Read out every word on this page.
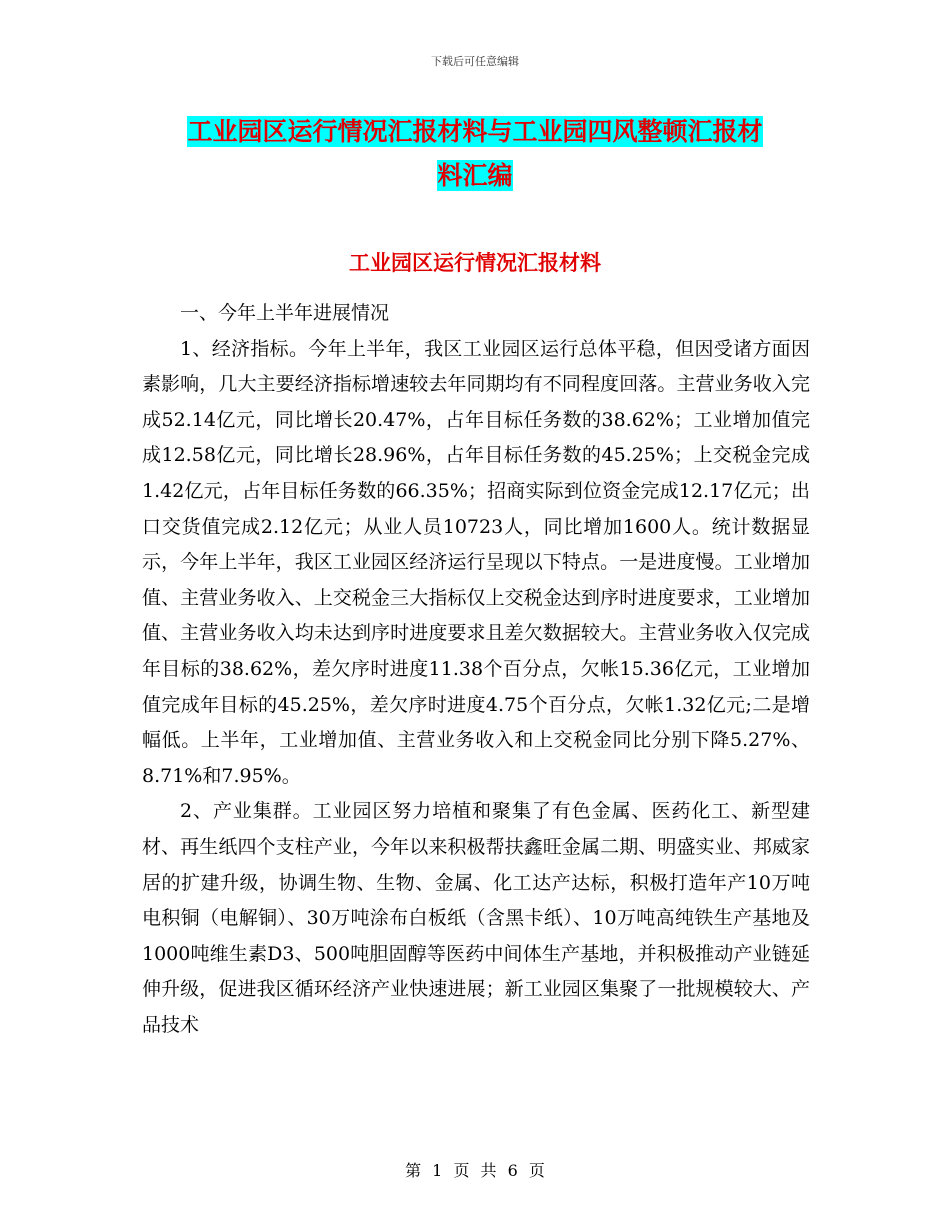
下载后可任意编辑
工业园区运行情况汇报材料与工业园四风整顿汇报材
料汇编
工业园区运行情况汇报材料

一、今年上半年进展情况

1、经济指标。今年上半年，我区工业园区运行总体平稳，但因受诸方面因素影响，几大主要经济指标增速较去年同期均有不同程度回落。主营业务收入完成52.14亿元，同比增长20.47%，占年目标任务数的38.62%；工业增加值完成12.58亿元，同比增长28.96%，占年目标任务数的45.25%；上交税金完成1.42亿元，占年目标任务数的66.35%；招商实际到位资金完成12.17亿元；出口交货值完成2.12亿元；从业人员10723人，同比增加1600人。统计数据显示，今年上半年，我区工业园区经济运行呈现以下特点。一是进度慢。工业增加值、主营业务收入、上交税金三大指标仅上交税金达到序时进度要求，工业增加值、主营业务收入均未达到序时进度要求且差欠数据较大。主营业务收入仅完成年目标的38.62%，差欠序时进度11.38个百分点，欠帐15.36亿元，工业增加值完成年目标的45.25%，差欠序时进度4.75个百分点，欠帐1.32亿元;二是增幅低。上半年，工业增加值、主营业务收入和上交税金同比分别下降5.27%、8.71%和7.95%。

2、产业集群。工业园区努力培植和聚集了有色金属、医药化工、新型建材、再生纸四个支柱产业，今年以来积极帮扶鑫旺金属二期、明盛实业、邦威家居的扩建升级，协调生物、生物、金属、化工达产达标，积极打造年产10万吨电积铜（电解铜）、30万吨涂布白板纸（含黑卡纸）、10万吨高纯铁生产基地及1000吨维生素D3、500吨胆固醇等医药中间体生产基地，并积极推动产业链延伸升级，促进我区循环经济产业快速进展；新工业园区集聚了一批规模较大、产品技术

第 1 页 共 6 页
